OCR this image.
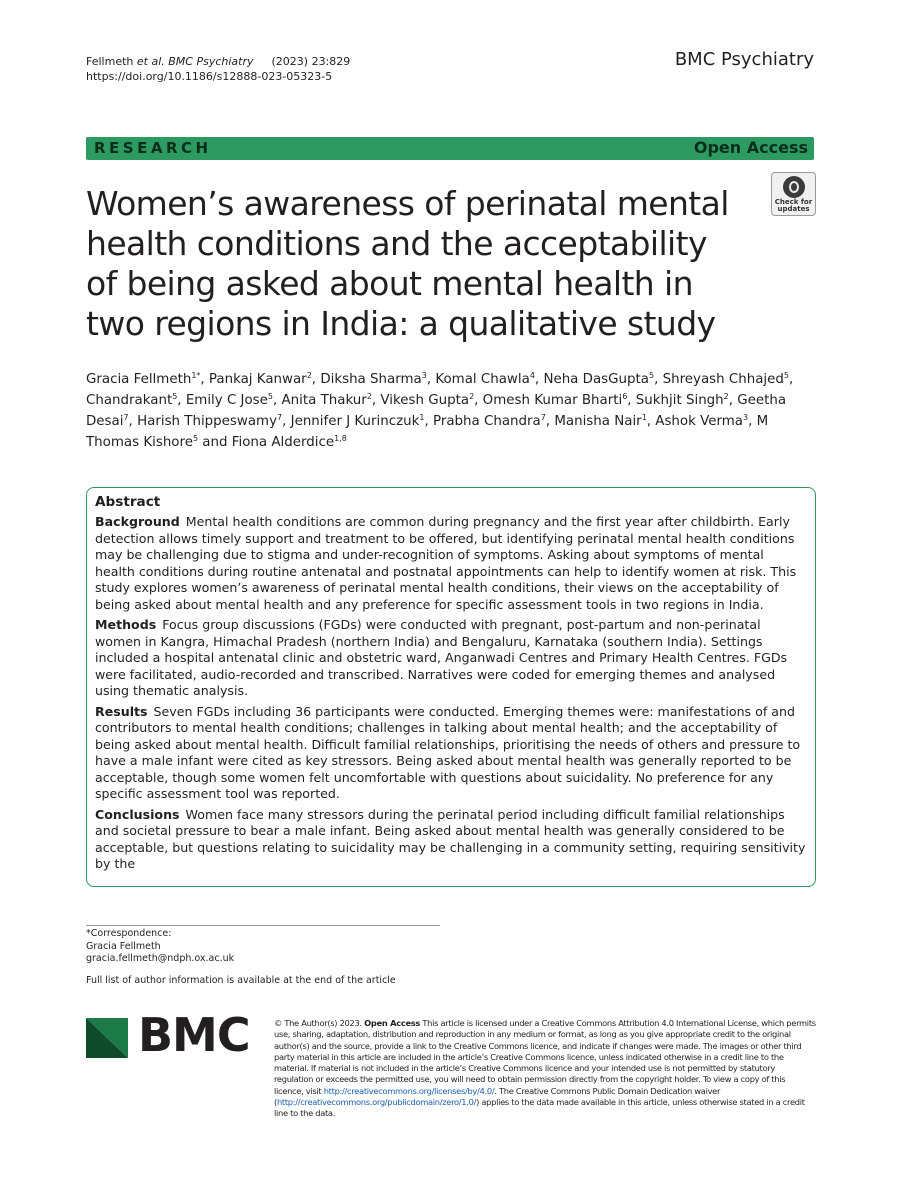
Fellmeth et al. BMC Psychiatry (2023) 23:829
https://doi.org/10.1186/s12888-023-05323-5
BMC Psychiatry
RESEARCH	Open Access
Women’s awareness of perinatal mental health conditions and the acceptability of being asked about mental health in two regions in India: a qualitative study
Check for
updates
Gracia Fellmeth$^{1*}$, Pankaj Kanwar$^2$, Diksha Sharma$^3$, Komal Chawla$^4$, Neha DasGupta$^5$, Shreyash Chhajed$^5$, Chandrakant$^5$, Emily C Jose$^5$, Anita Thakur$^2$, Vikesh Gupta$^2$, Omesh Kumar Bharti$^6$, Sukhjit Singh$^2$, Geetha Desai$^7$, Harish Thippeswamy$^7$, Jennifer J Kurinczuk$^1$, Prabha Chandra$^7$, Manisha Nair$^1$, Ashok Verma$^3$, M Thomas Kishore$^5$ and Fiona Alderdice$^{1,8}$
Abstract

Background Mental health conditions are common during pregnancy and the first year after childbirth. Early detection allows timely support and treatment to be offered, but identifying perinatal mental health conditions may be challenging due to stigma and under-recognition of symptoms. Asking about symptoms of mental health conditions during routine antenatal and postnatal appointments can help to identify women at risk. This study explores women’s awareness of perinatal mental health conditions, their views on the acceptability of being asked about mental health and any preference for specific assessment tools in two regions in India.

Methods Focus group discussions (FGDs) were conducted with pregnant, post-partum and non-perinatal women in Kangra, Himachal Pradesh (northern India) and Bengaluru, Karnataka (southern India). Settings included a hospital antenatal clinic and obstetric ward, Anganwadi Centres and Primary Health Centres. FGDs were facilitated, audio-recorded and transcribed. Narratives were coded for emerging themes and analysed using thematic analysis.

Results Seven FGDs including 36 participants were conducted. Emerging themes were: manifestations of and contributors to mental health conditions; challenges in talking about mental health; and the acceptability of being asked about mental health. Difficult familial relationships, prioritising the needs of others and pressure to have a male infant were cited as key stressors. Being asked about mental health was generally reported to be acceptable, though some women felt uncomfortable with questions about suicidality. No preference for any specific assessment tool was reported.

Conclusions Women face many stressors during the perinatal period including difficult familial relationships and societal pressure to bear a male infant. Being asked about mental health was generally considered to be acceptable, but questions relating to suicidality may be challenging in a community setting, requiring sensitivity by the

*Correspondence:
Gracia Fellmeth
gracia.fellmeth@ndph.ox.ac.uk
Full list of author information is available at the end of the article
BMC	© The Author(s) 2023. Open Access This article is licensed under a Creative Commons Attribution 4.0 International License, which permits use, sharing, adaptation, distribution and reproduction in any medium or format, as long as you give appropriate credit to the original author(s) and the source, provide a link to the Creative Commons licence, and indicate if changes were made. The images or other third party material in this article are included in the article’s Creative Commons licence, unless indicated otherwise in a credit line to the material. If material is not included in the article’s Creative Commons licence and your intended use is not permitted by statutory regulation or exceeds the permitted use, you will need to obtain permission directly from the copyright holder. To view a copy of this licence, visit http://creativecommons.org/licenses/by/4.0/. The Creative Commons Public Domain Dedication waiver (http://creativecommons.org/publicdomain/zero/1.0/) applies to the data made available in this article, unless otherwise stated in a credit line to the data.
